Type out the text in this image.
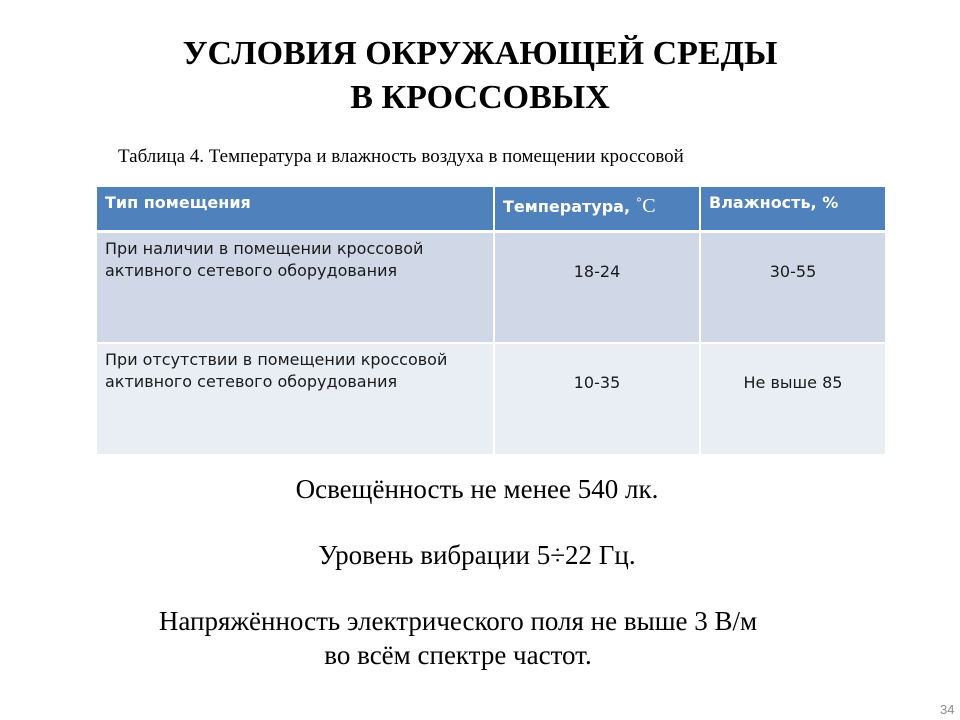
УСЛОВИЯ ОКРУЖАЮЩЕЙ СРЕДЫ
В КРОССОВЫХ
Таблица 4. Температура и влажность воздуха в помещении кроссовой
Тип помещения	Температура, ˚C	Влажность, %
При наличии в помещении кроссовой активного сетевого оборудования	18-24	30-55
При отсутствии в помещении кроссовой активного сетевого оборудования	10-35	Не выше 85
Освещённость не менее 540 лк.
Уровень вибрации 5÷22 Гц.
Напряжённость электрического поля не выше 3 В/м
во всём спектре частот.
34
